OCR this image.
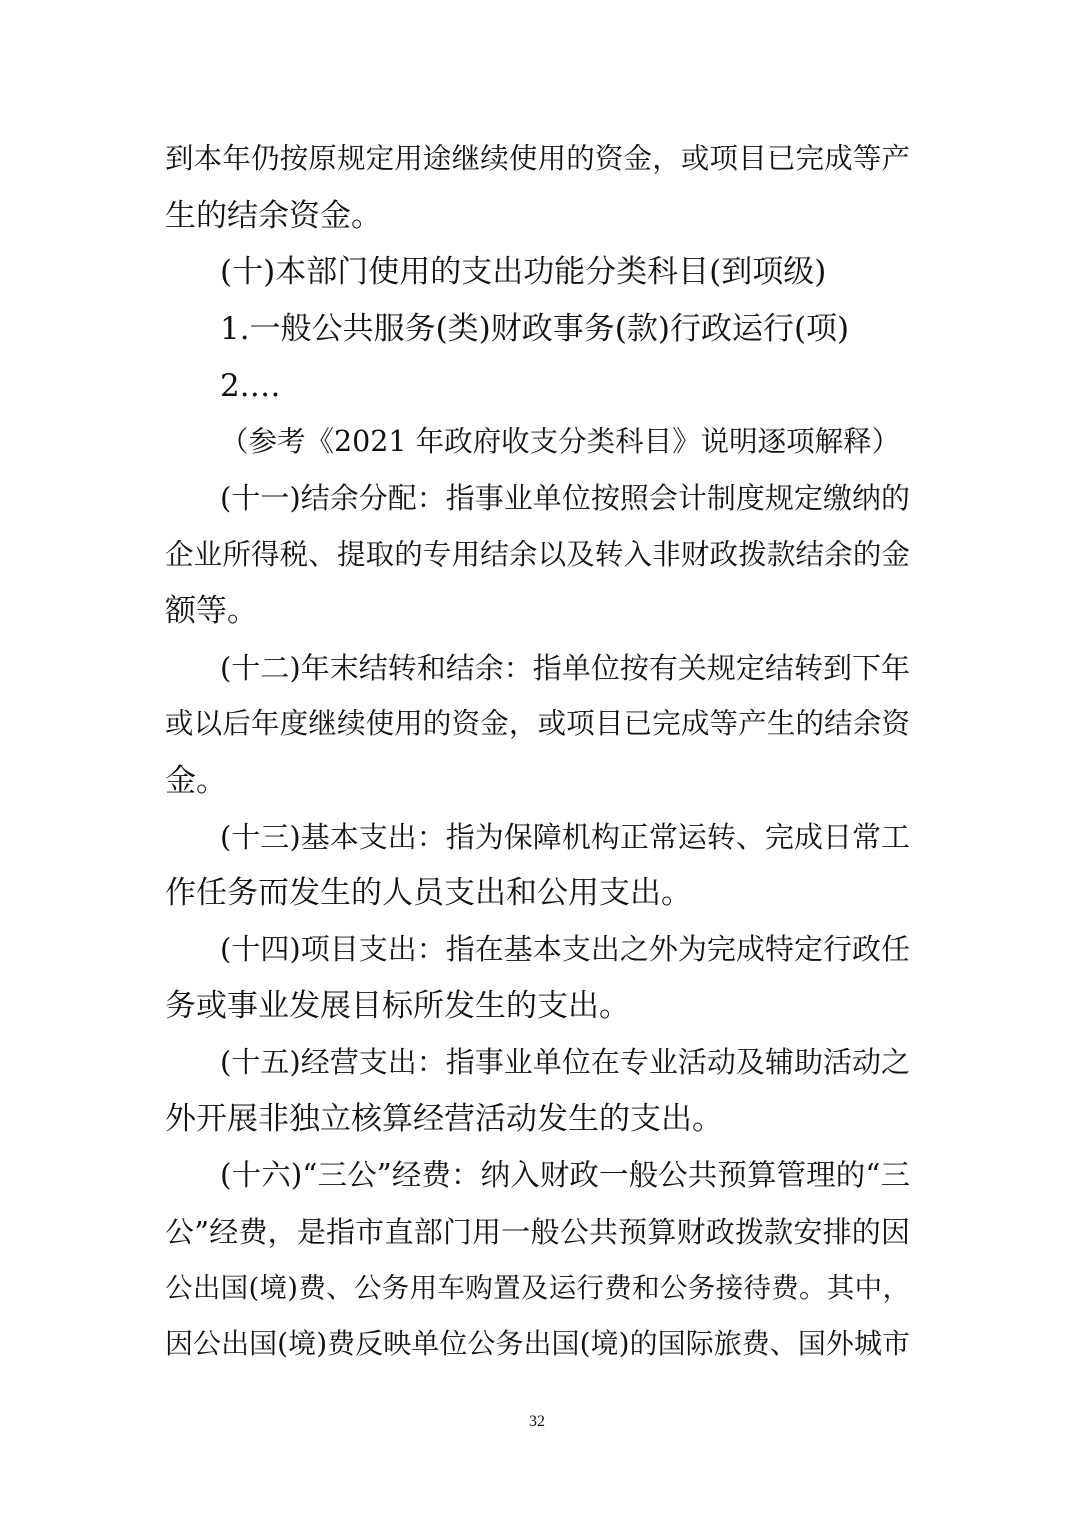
到本年仍按原规定用途继续使用的资金，或项目已完成等产
生的结余资金。
(十)本部门使用的支出功能分类科目(到项级)
1.一般公共服务(类)财政事务(款)行政运行(项)
2.…
（参考《2021 年政府收支分类科目》说明逐项解释）
(十一)结余分配：指事业单位按照会计制度规定缴纳的
企业所得税、提取的专用结余以及转入非财政拨款结余的金
额等。
(十二)年末结转和结余：指单位按有关规定结转到下年
或以后年度继续使用的资金，或项目已完成等产生的结余资
金。
(十三)基本支出：指为保障机构正常运转、完成日常工
作任务而发生的人员支出和公用支出。
(十四)项目支出：指在基本支出之外为完成特定行政任
务或事业发展目标所发生的支出。
(十五)经营支出：指事业单位在专业活动及辅助活动之
外开展非独立核算经营活动发生的支出。
(十六)“三公”经费：纳入财政一般公共预算管理的“三
公”经费，是指市直部门用一般公共预算财政拨款安排的因
公出国(境)费、公务用车购置及运行费和公务接待费。其中，
因公出国(境)费反映单位公务出国(境)的国际旅费、国外城市
32
